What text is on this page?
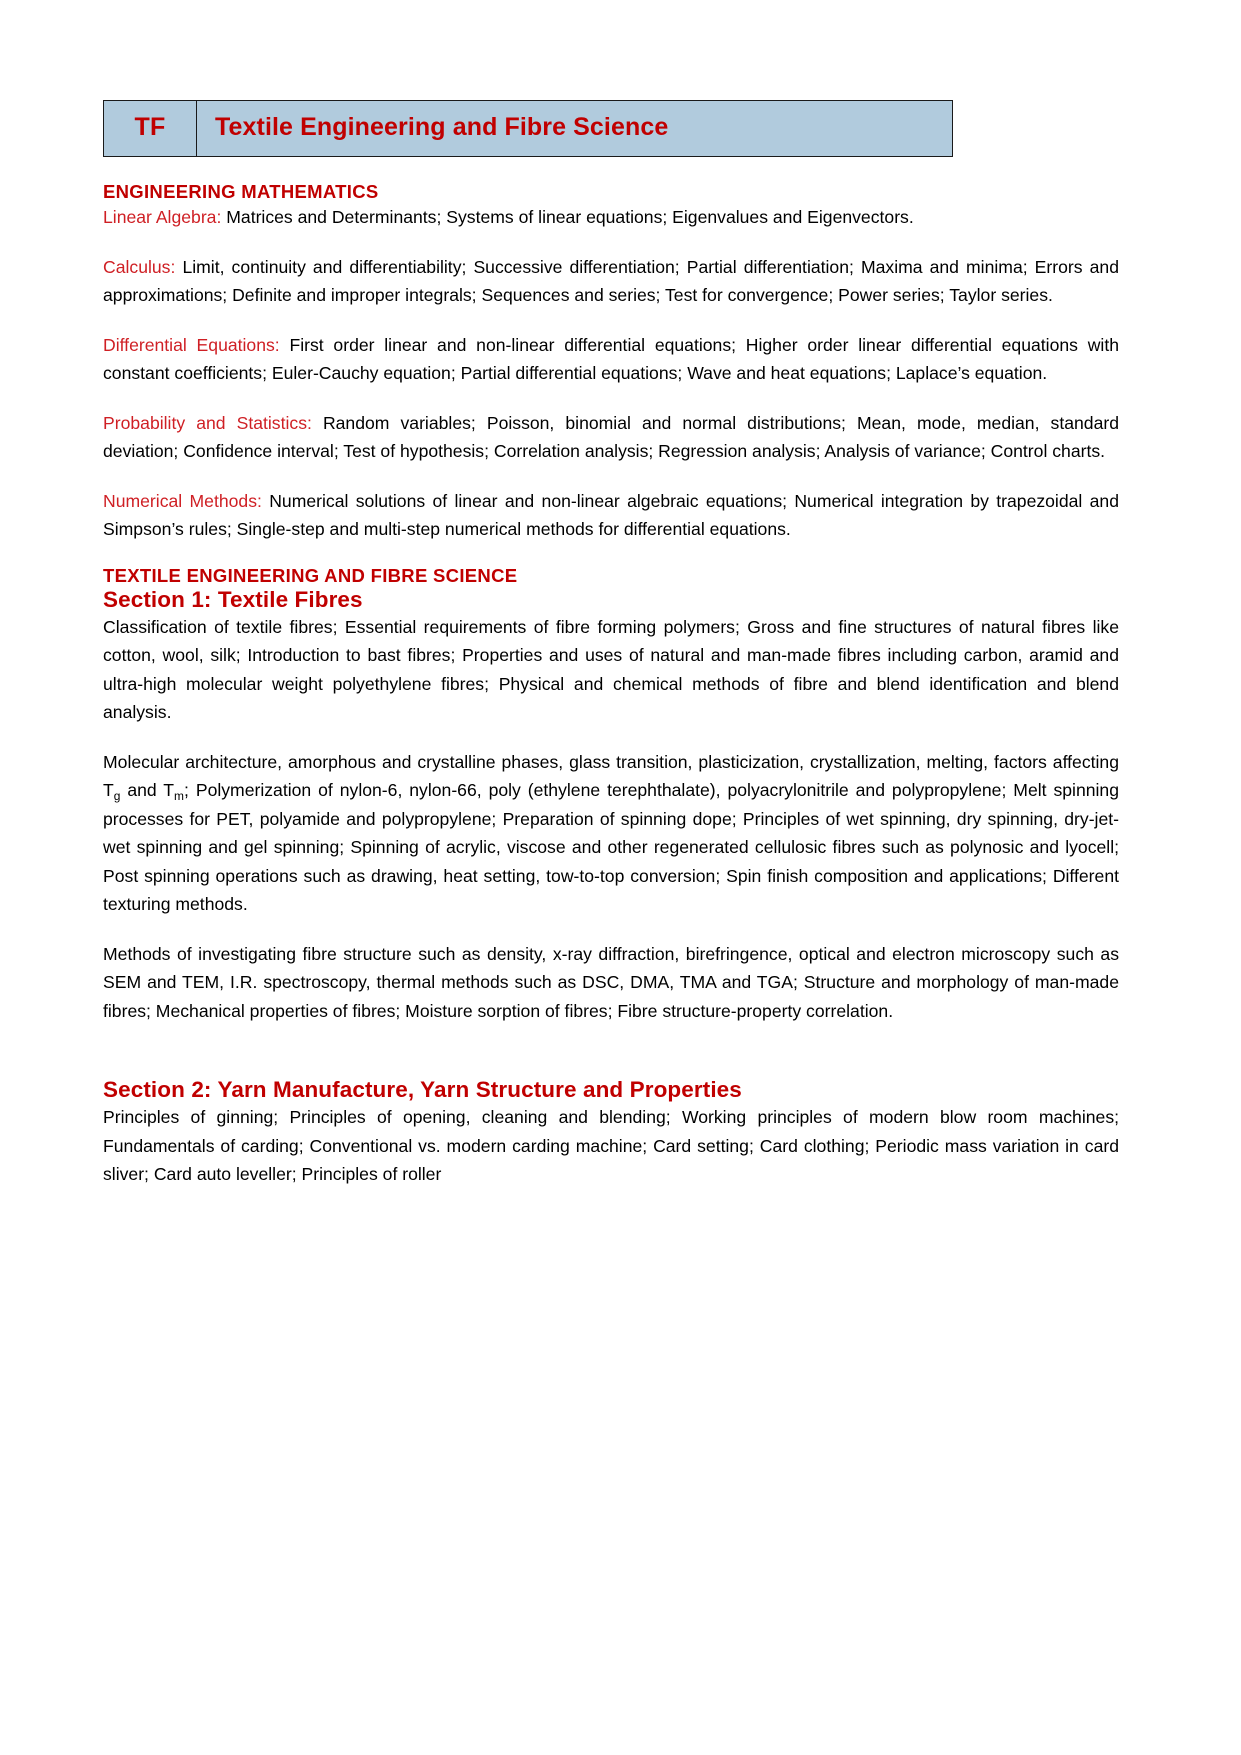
TF	Textile Engineering and Fibre Science
ENGINEERING MATHEMATICS

Linear Algebra: Matrices and Determinants; Systems of linear equations; Eigenvalues and Eigenvectors.

Calculus: Limit, continuity and differentiability; Successive differentiation; Partial differentiation; Maxima and minima; Errors and approximations; Definite and improper integrals; Sequences and series; Test for convergence; Power series; Taylor series.

Differential Equations: First order linear and non-linear differential equations; Higher order linear differential equations with constant coefficients; Euler-Cauchy equation; Partial differential equations; Wave and heat equations; Laplace’s equation.

Probability and Statistics: Random variables; Poisson, binomial and normal distributions; Mean, mode, median, standard deviation; Confidence interval; Test of hypothesis; Correlation analysis; Regression analysis; Analysis of variance; Control charts.

Numerical Methods: Numerical solutions of linear and non-linear algebraic equations; Numerical integration by trapezoidal and Simpson’s rules; Single-step and multi-step numerical methods for differential equations.

TEXTILE ENGINEERING AND FIBRE SCIENCE
Section 1: Textile Fibres

Classification of textile fibres; Essential requirements of fibre forming polymers; Gross and fine structures of natural fibres like cotton, wool, silk; Introduction to bast fibres; Properties and uses of natural and man-made fibres including carbon, aramid and ultra-high molecular weight polyethylene fibres; Physical and chemical methods of fibre and blend identification and blend analysis.

Molecular architecture, amorphous and crystalline phases, glass transition, plasticization, crystallization, melting, factors affecting $T_g$ and $T_m$; Polymerization of nylon-6, nylon-66, poly (ethylene terephthalate), polyacrylonitrile and polypropylene; Melt spinning processes for PET, polyamide and polypropylene; Preparation of spinning dope; Principles of wet spinning, dry spinning, dry-jet-wet spinning and gel spinning; Spinning of acrylic, viscose and other regenerated cellulosic fibres such as polynosic and lyocell; Post spinning operations such as drawing, heat setting, tow-to-top conversion; Spin finish composition and applications; Different texturing methods.

Methods of investigating fibre structure such as density, x-ray diffraction, birefringence, optical and electron microscopy such as SEM and TEM, I.R. spectroscopy, thermal methods such as DSC, DMA, TMA and TGA; Structure and morphology of man-made fibres; Mechanical properties of fibres; Moisture sorption of fibres; Fibre structure-property correlation.

Section 2: Yarn Manufacture, Yarn Structure and Properties

Principles of ginning; Principles of opening, cleaning and blending; Working principles of modern blow room machines; Fundamentals of carding; Conventional vs. modern carding machine; Card setting; Card clothing; Periodic mass variation in card sliver; Card auto leveller; Principles of roller
